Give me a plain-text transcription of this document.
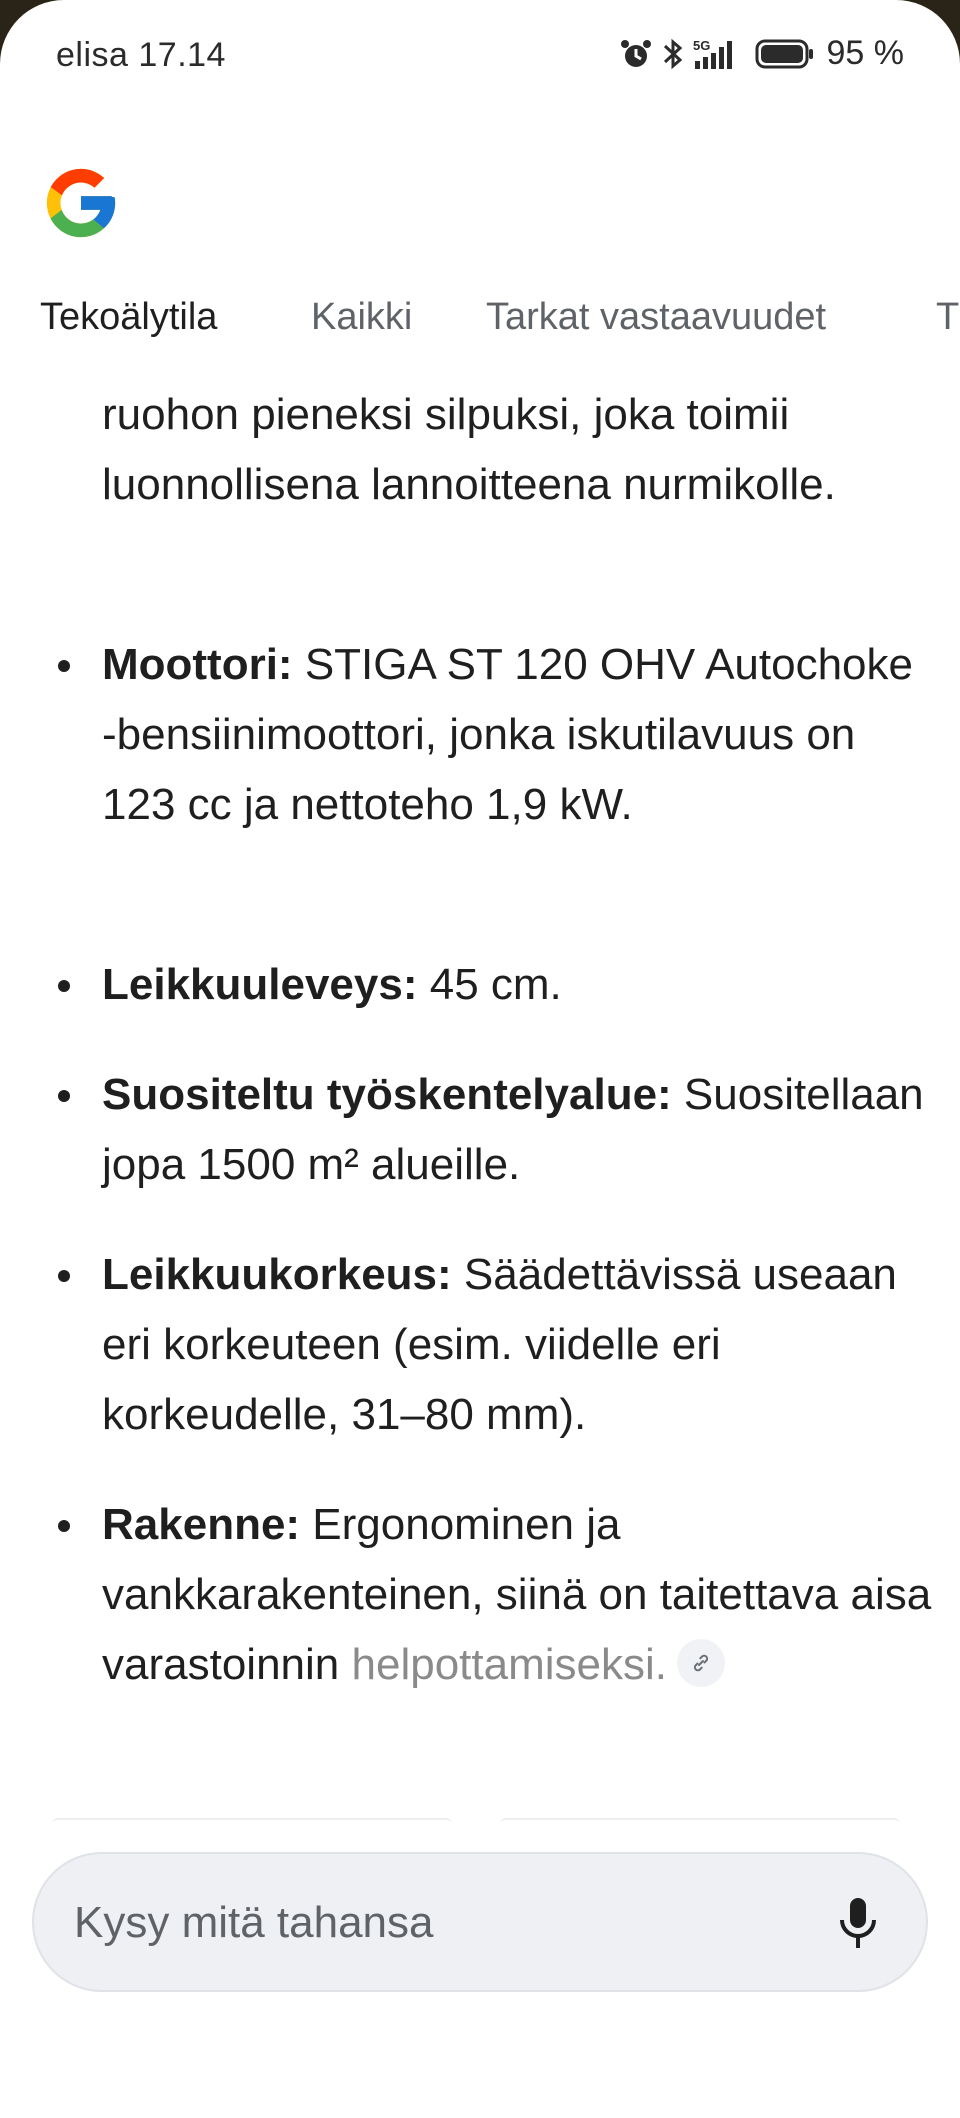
elisa 17.14	5G	95 %
Tekoälytila Kaikki Tarkat vastaavuudet	T
ruohon pieneksi silpuksi, joka toimii luonnollisena lannoitteena nurmikolle.
Moottori: STIGA ST 120 OHV Autochoke -bensiinimoottori, jonka iskutilavuus on 123 cc ja nettoteho 1,9 kW.
Leikkuuleveys: 45 cm.
Suositeltu työskentelyalue: Suositellaan jopa 1500 m² alueille.
Leikkuukorkeus: Säädettävissä useaan eri korkeuteen (esim. viidelle eri korkeudelle, 31–80 mm).
Rakenne: Ergonominen ja vankkarakenteinen, siinä on taitettava aisa varastoinnin helpottamiseksi.
Kysy mitä tahansa
